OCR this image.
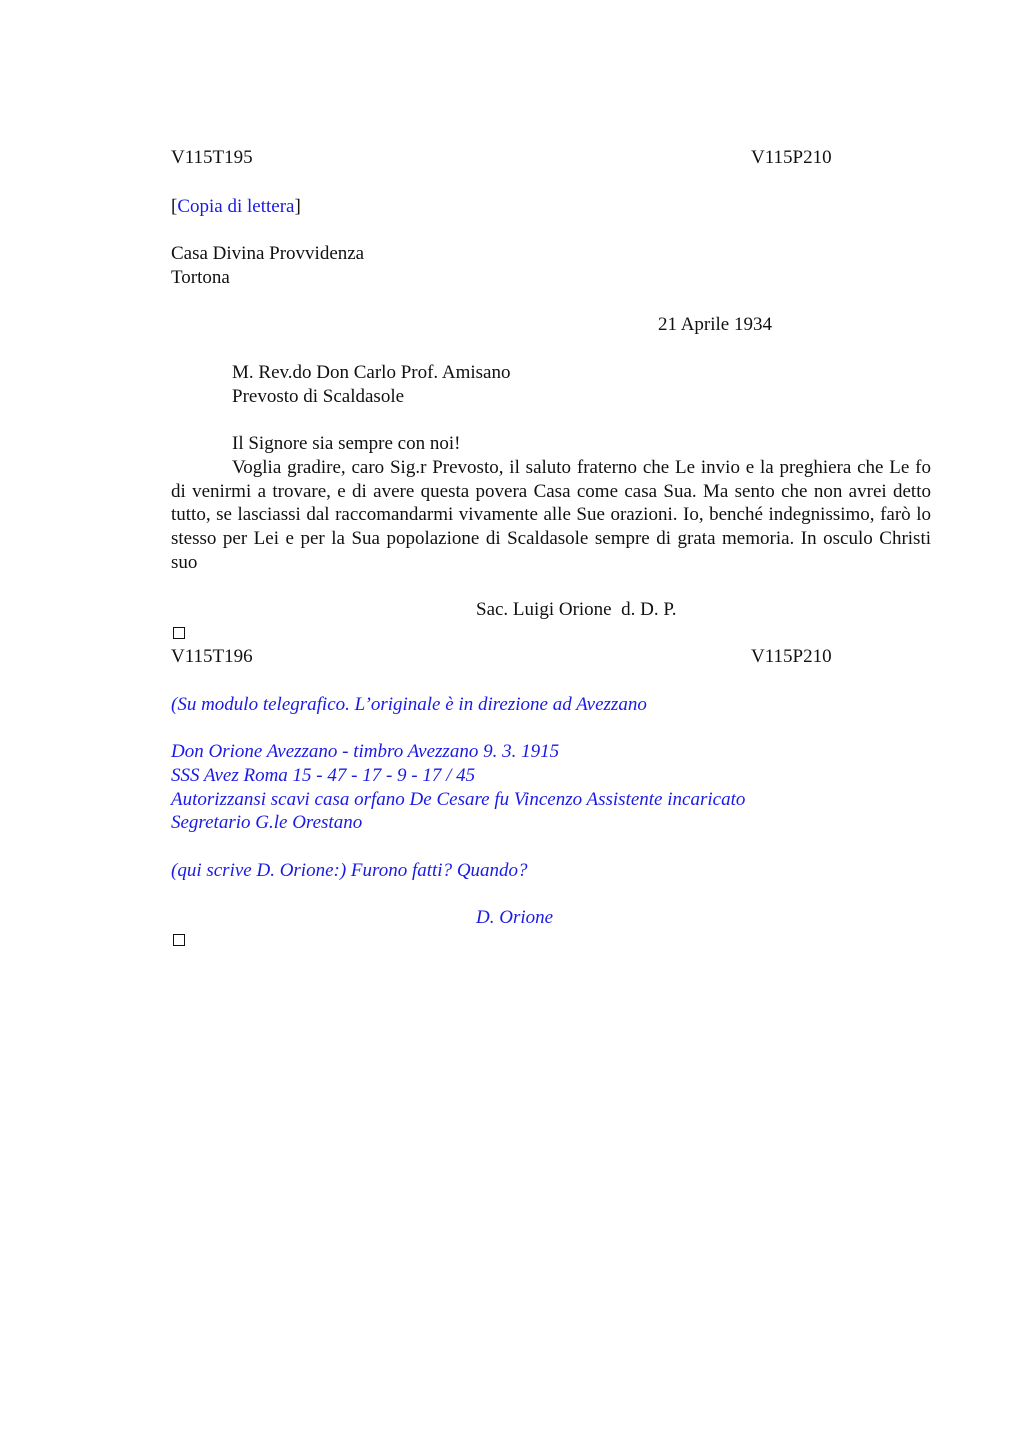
V115T195	V115P210
[Copia di lettera]
Casa Divina Provvidenza
Tortona
21 Aprile 1934
M. Rev.do Don Carlo Prof. Amisano
Prevosto di Scaldasole
Il Signore sia sempre con noi!
Voglia gradire, caro Sig.r Prevosto, il saluto fraterno che Le invio e la preghiera che Le fo di venirmi a trovare, e di avere questa povera Casa come casa Sua. Ma sento che non avrei detto tutto, se lasciassi dal raccomandarmi vivamente alle Sue orazioni. Io, benché indegnissimo, farò lo stesso per Lei e per la Sua popolazione di Scaldasole sempre di grata memoria. In osculo Christi suo
Sac. Luigi Orione  d. D. P.
V115T196	V115P210
(Su modulo telegrafico. L’originale è in direzione ad Avezzano
Don Orione Avezzano - timbro Avezzano 9. 3. 1915
SSS Avez Roma 15 - 47 - 17 - 9 - 17 / 45
Autorizzansi scavi casa orfano De Cesare fu Vincenzo Assistente incaricato
Segretario G.le Orestano
(qui scrive D. Orione:) Furono fatti? Quando?
D. Orione
